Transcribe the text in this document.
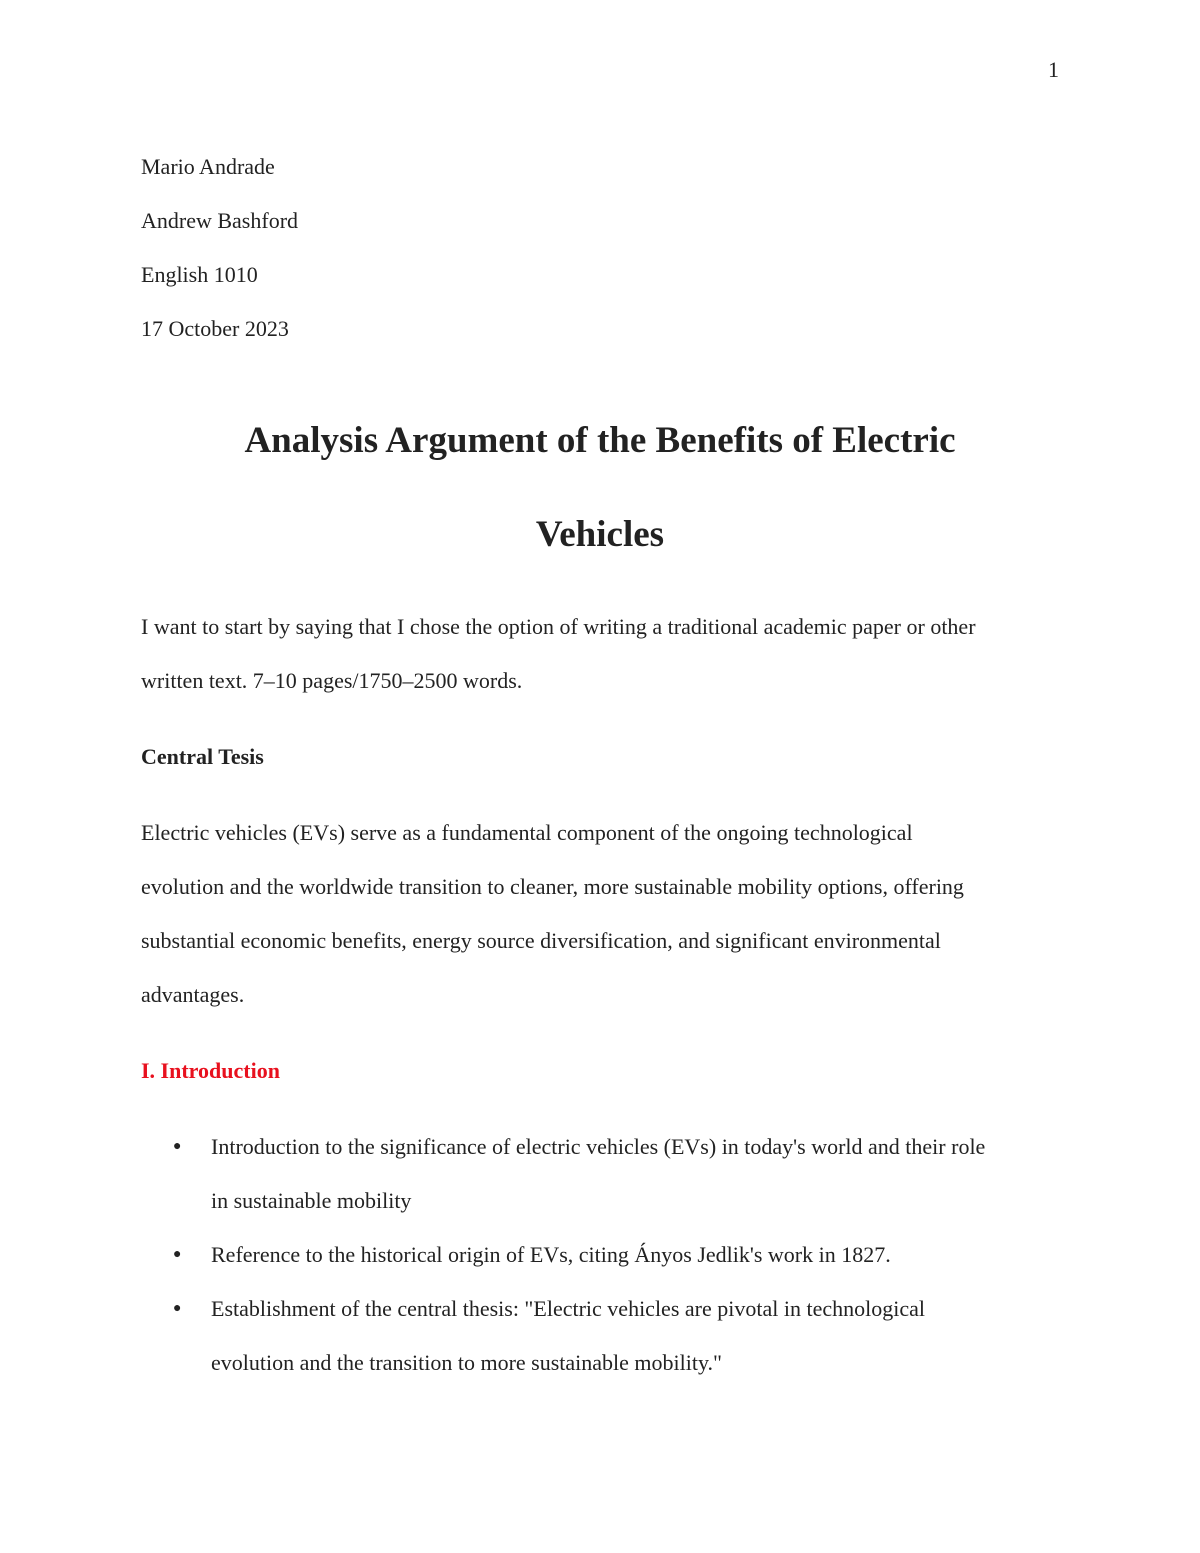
1
Mario Andrade
Andrew Bashford
English 1010
17 October 2023
Analysis Argument of the Benefits of Electric
Vehicles
I want to start by saying that I chose the option of writing a traditional academic paper or other
written text. 7–10 pages/1750–2500 words.
Central Tesis
Electric vehicles (EVs) serve as a fundamental component of the ongoing technological
evolution and the worldwide transition to cleaner, more sustainable mobility options, offering
substantial economic benefits, energy source diversification, and significant environmental
advantages.
I. Introduction
● Introduction to the significance of electric vehicles (EVs) in today's world and their role
in sustainable mobility
● Reference to the historical origin of EVs, citing Ányos Jedlik's work in 1827.
● Establishment of the central thesis: "Electric vehicles are pivotal in technological
evolution and the transition to more sustainable mobility."
